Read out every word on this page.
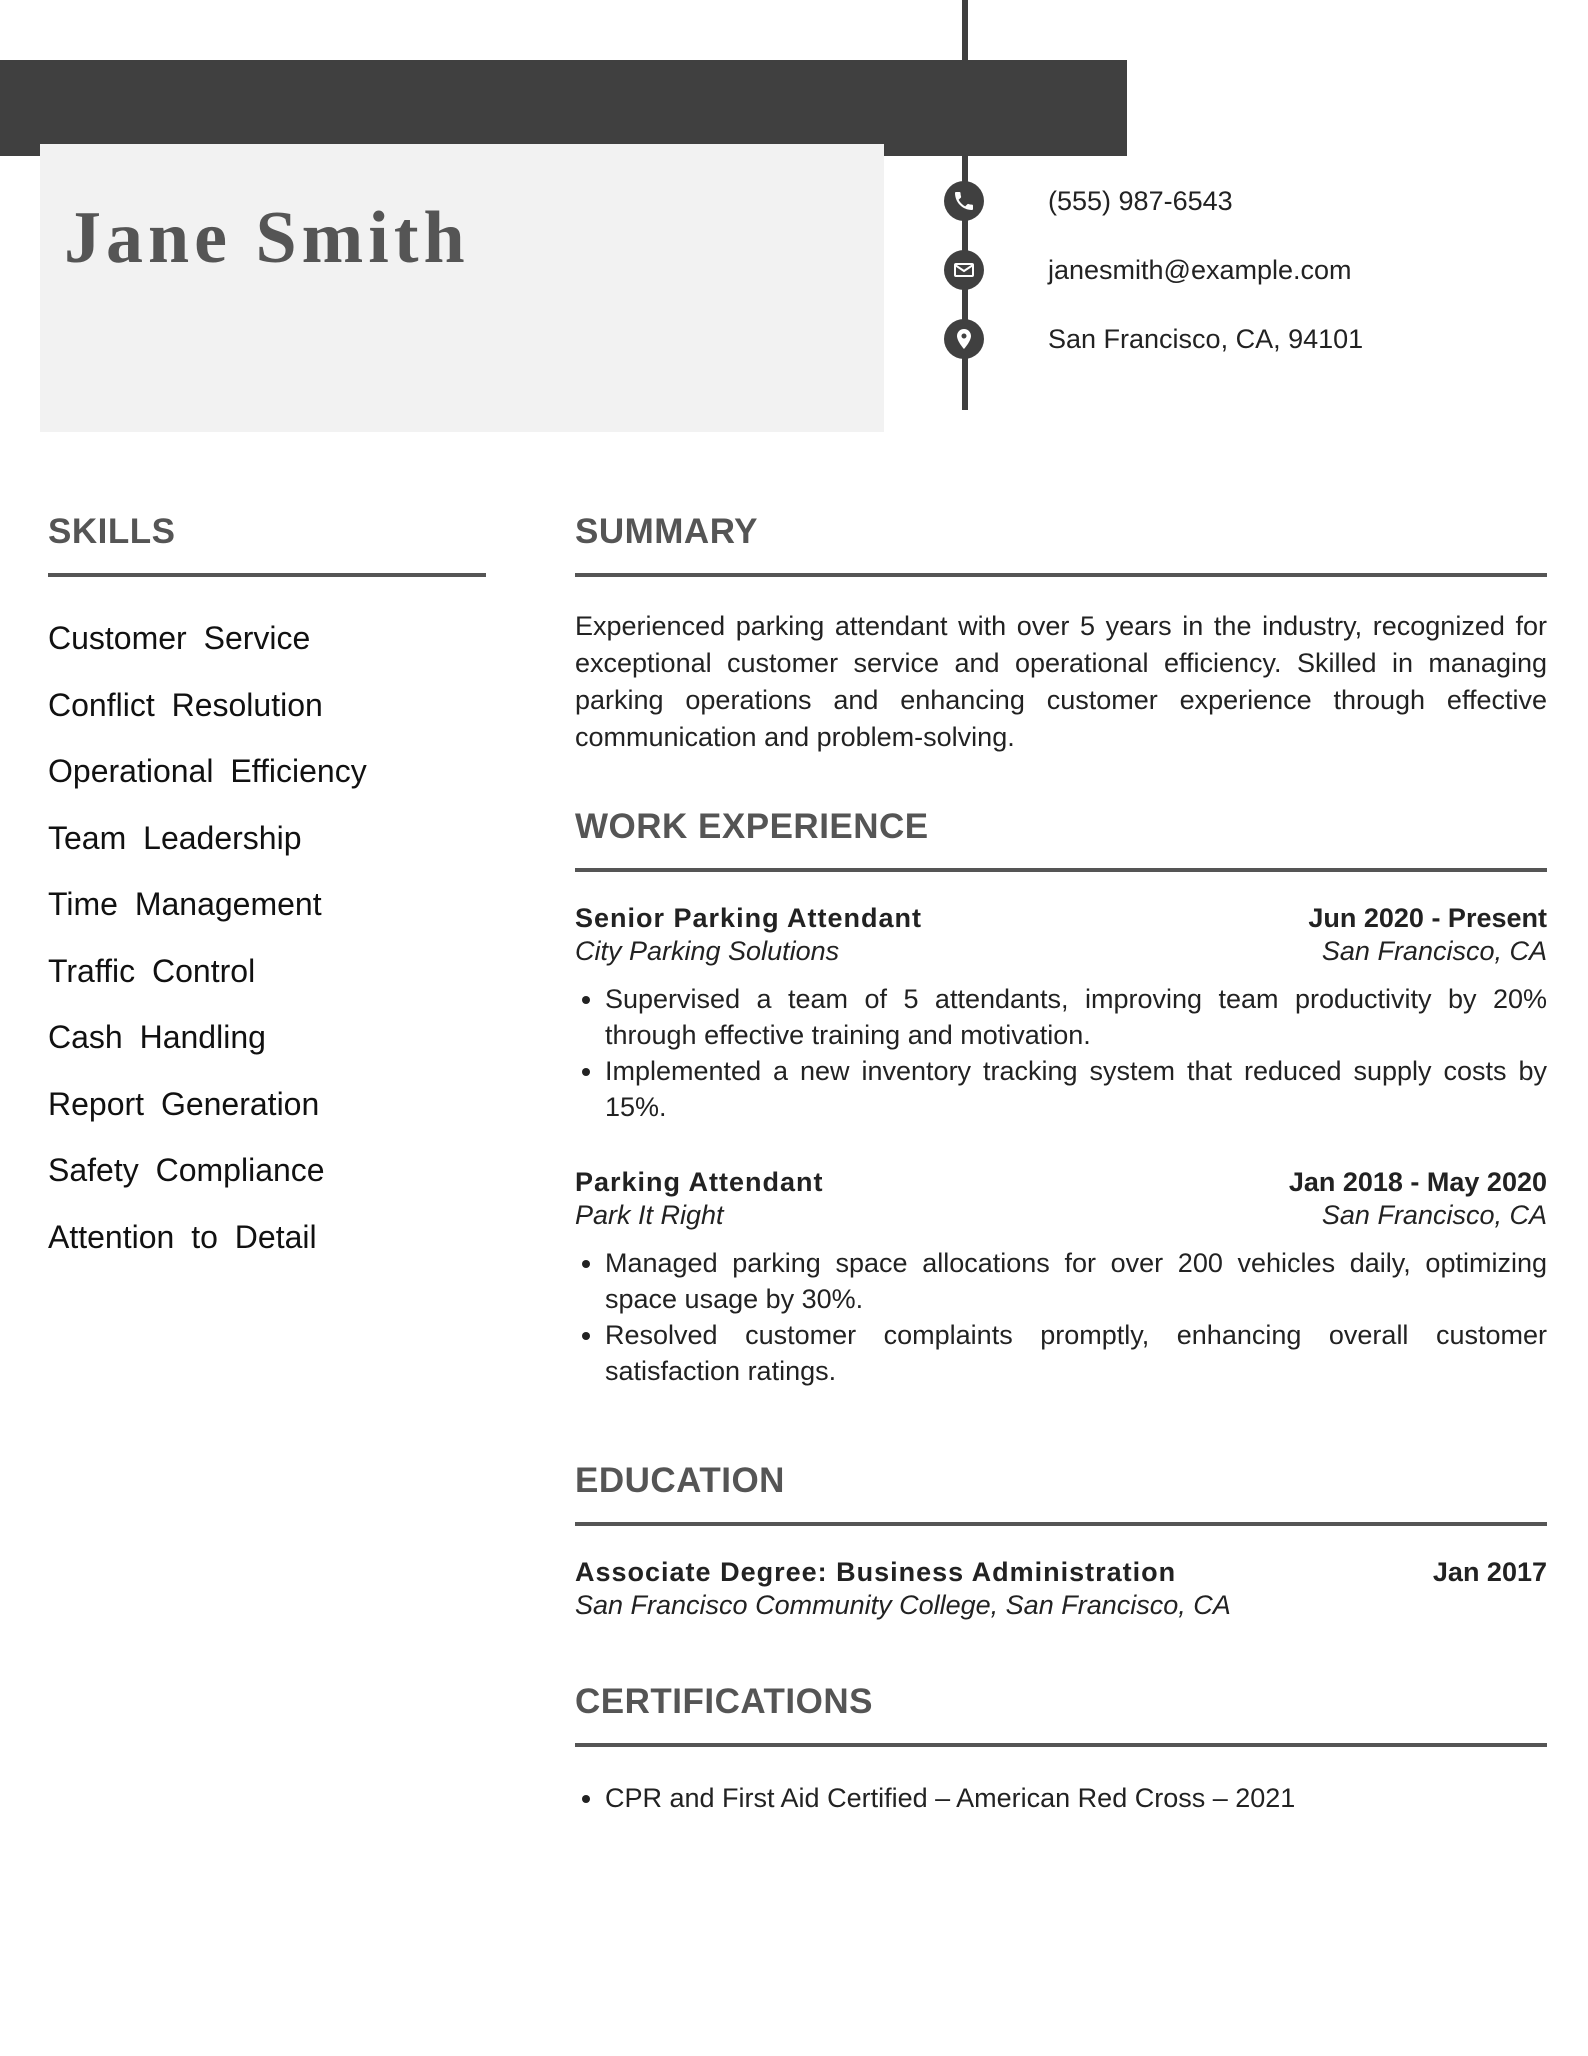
Jane Smith	(555) 987-6543
janesmith@example.com
San Francisco, CA, 94101
SKILLS
Customer Service
Conflict Resolution
Operational Efficiency
Team Leadership
Time Management
Traffic Control
Cash Handling
Report Generation
Safety Compliance
Attention to Detail
SUMMARY

Experienced parking attendant with over 5 years in the industry, recognized for exceptional customer service and operational efficiency. Skilled in managing parking operations and enhancing customer experience through effective communication and problem-solving.

WORK EXPERIENCE
Senior Parking Attendant	Jun 2020 - Present
City Parking Solutions	San Francisco, CA
• Supervised a team of 5 attendants, improving team productivity by 20% through effective training and motivation.
• Implemented a new inventory tracking system that reduced supply costs by 15%.
Parking Attendant	Jan 2018 - May 2020
Park It Right	San Francisco, CA
• Managed parking space allocations for over 200 vehicles daily, optimizing space usage by 30%.
• Resolved customer complaints promptly, enhancing overall customer satisfaction ratings.
EDUCATION
Associate Degree: Business Administration	Jan 2017
San Francisco Community College, San Francisco, CA
CERTIFICATIONS
• CPR and First Aid Certified – American Red Cross – 2021
